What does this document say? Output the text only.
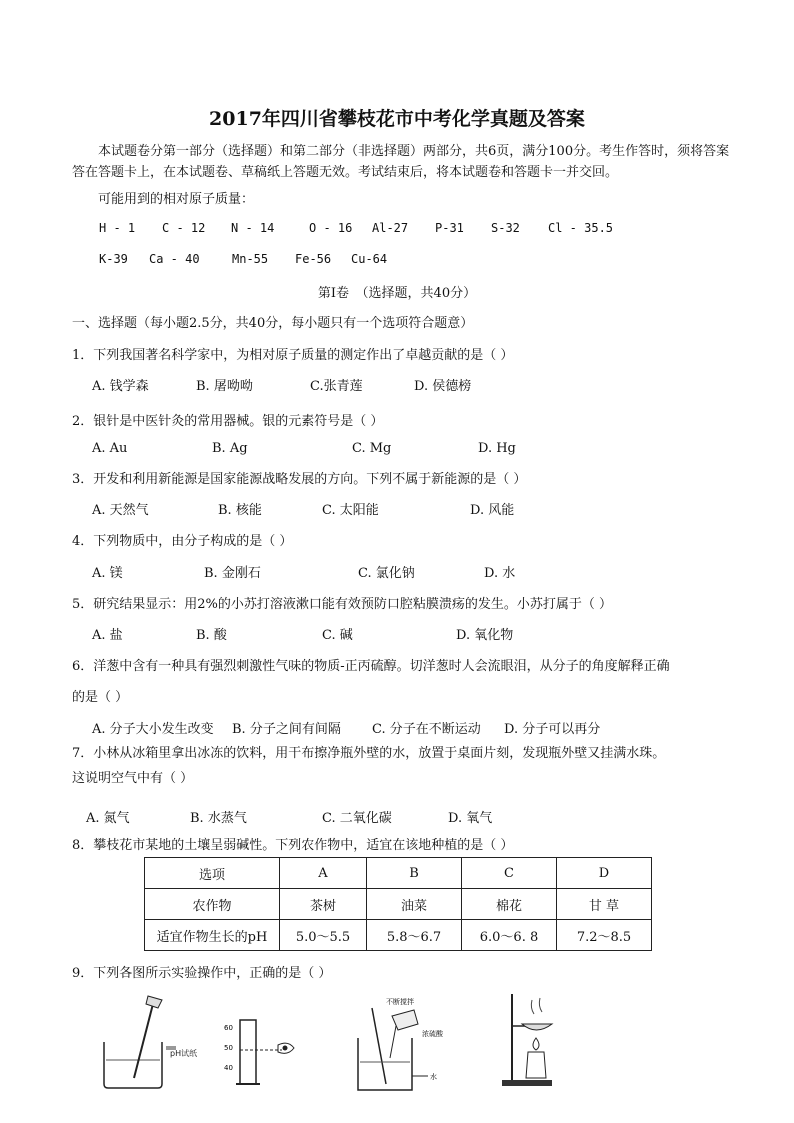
2017年四川省攀枝花市中考化学真题及答案
本试题卷分第一部分（选择题）和第二部分（非选择题）两部分，共6页，满分100分。考生作答时，须将答案答在答题卡上，在本试题卷、草稿纸上答题无效。考试结束后，将本试题卷和答题卡一并交回。
可能用到的相对原子质量：
H - 1 C - 12 N - 14	O - 16 Al-27 P-31 S-32 Cl - 35.5
K-39 Ca - 40	Mn-55 Fe-56 Cu-64
第Ⅰ卷　（选择题，共40分）
一、选择题（每小题2.5分，共40分，每小题只有一个选项符合题意）
1．下列我国著名科学家中，为相对原子质量的测定作出了卓越贡献的是（ ）
A. 钱学森	B. 屠呦呦	C.张青莲	D. 侯德榜
2．银针是中医针灸的常用器械。银的元素符号是（ ）
A. Au	B. Ag	C. Mg	D. Hg
3．开发和利用新能源是国家能源战略发展的方向。下列不属于新能源的是（ ）
A. 天然气	B. 核能	C. 太阳能	D. 风能
4．下列物质中，由分子构成的是（ ）
A. 镁	B. 金刚石	C. 氯化钠	D. 水
5．研究结果显示：用2%的小苏打溶液漱口能有效预防口腔粘膜溃疡的发生。小苏打属于（ ）
A. 盐	B. 酸	C. 碱	D. 氧化物
6．洋葱中含有一种具有强烈刺激性气味的物质-正丙硫醇。切洋葱时人会流眼泪，从分子的角度解释正确
的是（ ）
A. 分子大小发生改变 B. 分子之间有间隔 C. 分子在不断运动 D. 分子可以再分
7．小林从冰箱里拿出冰冻的饮料，用干布擦净瓶外壁的水，放置于桌面片刻，发现瓶外壁又挂满水珠。
这说明空气中有（ ）
A. 氮气	B. 水蒸气	C. 二氧化碳	D. 氧气
8．攀枝花市某地的土壤呈弱碱性。下列农作物中，适宜在该地种植的是（ ）
选项	A	B	C	D
农作物	茶树	油菜	棉花	甘 草
适宜作物生长的pH	5.0～5.5	5.8～6.7	6.0～6. 8	7.2～8.5
9．下列各图所示实验操作中，正确的是（ ）
pH试纸
60
50
40
不断搅拌
浓硫酸
水
